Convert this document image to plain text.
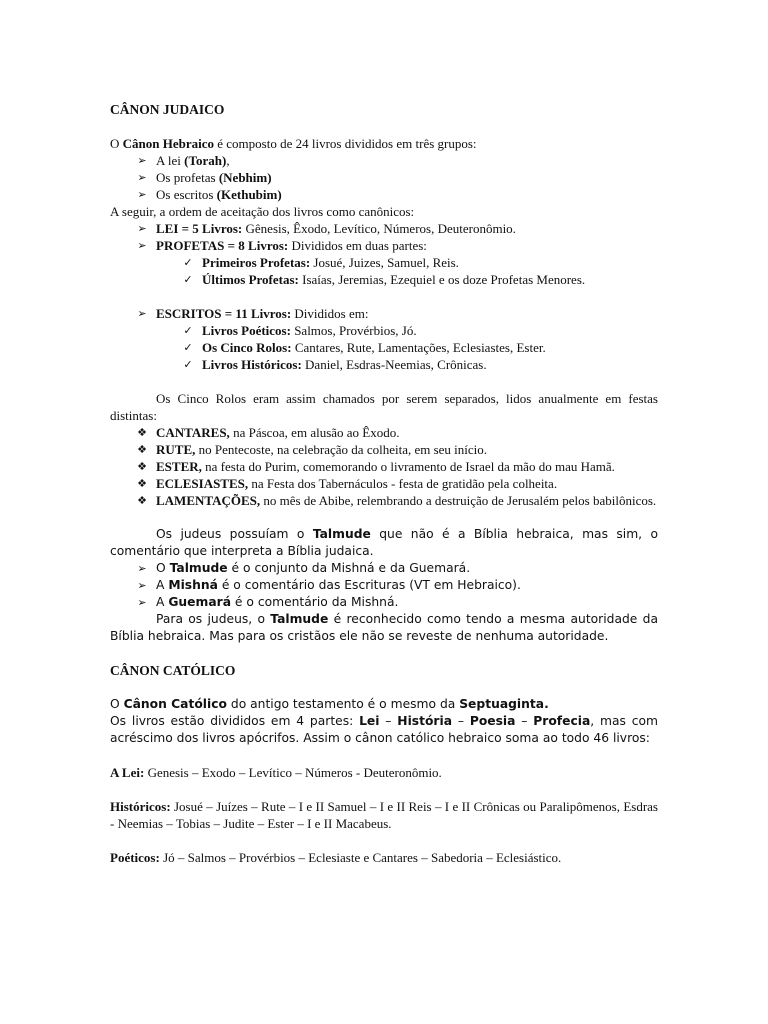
CÂNON JUDAICO

O Cânon Hebraico é composto de 24 livros divididos em três grupos:

➢ A lei (Torah),
➢ Os profetas (Nebhim)
➢ Os escritos (Kethubim)

A seguir, a ordem de aceitação dos livros como canônicos:

➢ LEI = 5 Livros: Gênesis, Êxodo, Levítico, Números, Deuteronômio.
➢ PROFETAS = 8 Livros: Divididos em duas partes:
✓ Primeiros Profetas: Josué, Juizes, Samuel, Reis.
✓ Últimos Profetas: Isaías, Jeremias, Ezequiel e os doze Profetas Menores.
➢ ESCRITOS = 11 Livros: Divididos em:
✓ Livros Poéticos: Salmos, Provérbios, Jó.
✓ Os Cinco Rolos: Cantares, Rute, Lamentações, Eclesiastes, Ester.
✓ Livros Históricos: Daniel, Esdras-Neemias, Crônicas.

Os Cinco Rolos eram assim chamados por serem separados, lidos anualmente em festas distintas:

❖ CANTARES, na Páscoa, em alusão ao Êxodo.
❖ RUTE, no Pentecoste, na celebração da colheita, em seu início.
❖ ESTER, na festa do Purim, comemorando o livramento de Israel da mão do mau Hamã.
❖ ECLESIASTES, na Festa dos Tabernáculos - festa de gratidão pela colheita.
❖ LAMENTAÇÕES, no mês de Abibe, relembrando a destruição de Jerusalém pelos babilônicos.

Os judeus possuíam o Talmude que não é a Bíblia hebraica, mas sim, o comentário que interpreta a Bíblia judaica.

➢ O Talmude é o conjunto da Mishná e da Guemará.
➢ A Mishná é o comentário das Escrituras (VT em Hebraico).
➢ A Guemará é o comentário da Mishná.

Para os judeus, o Talmude é reconhecido como tendo a mesma autoridade da Bíblia hebraica. Mas para os cristãos ele não se reveste de nenhuma autoridade.

CÂNON CATÓLICO

O Cânon Católico do antigo testamento é o mesmo da Septuaginta.

Os livros estão divididos em 4 partes: Lei – História – Poesia – Profecia, mas com acréscimo dos livros apócrifos. Assim o cânon católico hebraico soma ao todo 46 livros:

A Lei: Genesis – Exodo – Levítico – Números - Deuteronômio.

Históricos: Josué – Juízes – Rute – I e II Samuel – I e II Reis – I e II Crônicas ou Paralipômenos, Esdras - Neemias – Tobias – Judite – Ester – I e II Macabeus.

Poéticos: Jó – Salmos – Provérbios – Eclesiaste e Cantares – Sabedoria – Eclesiástico.
